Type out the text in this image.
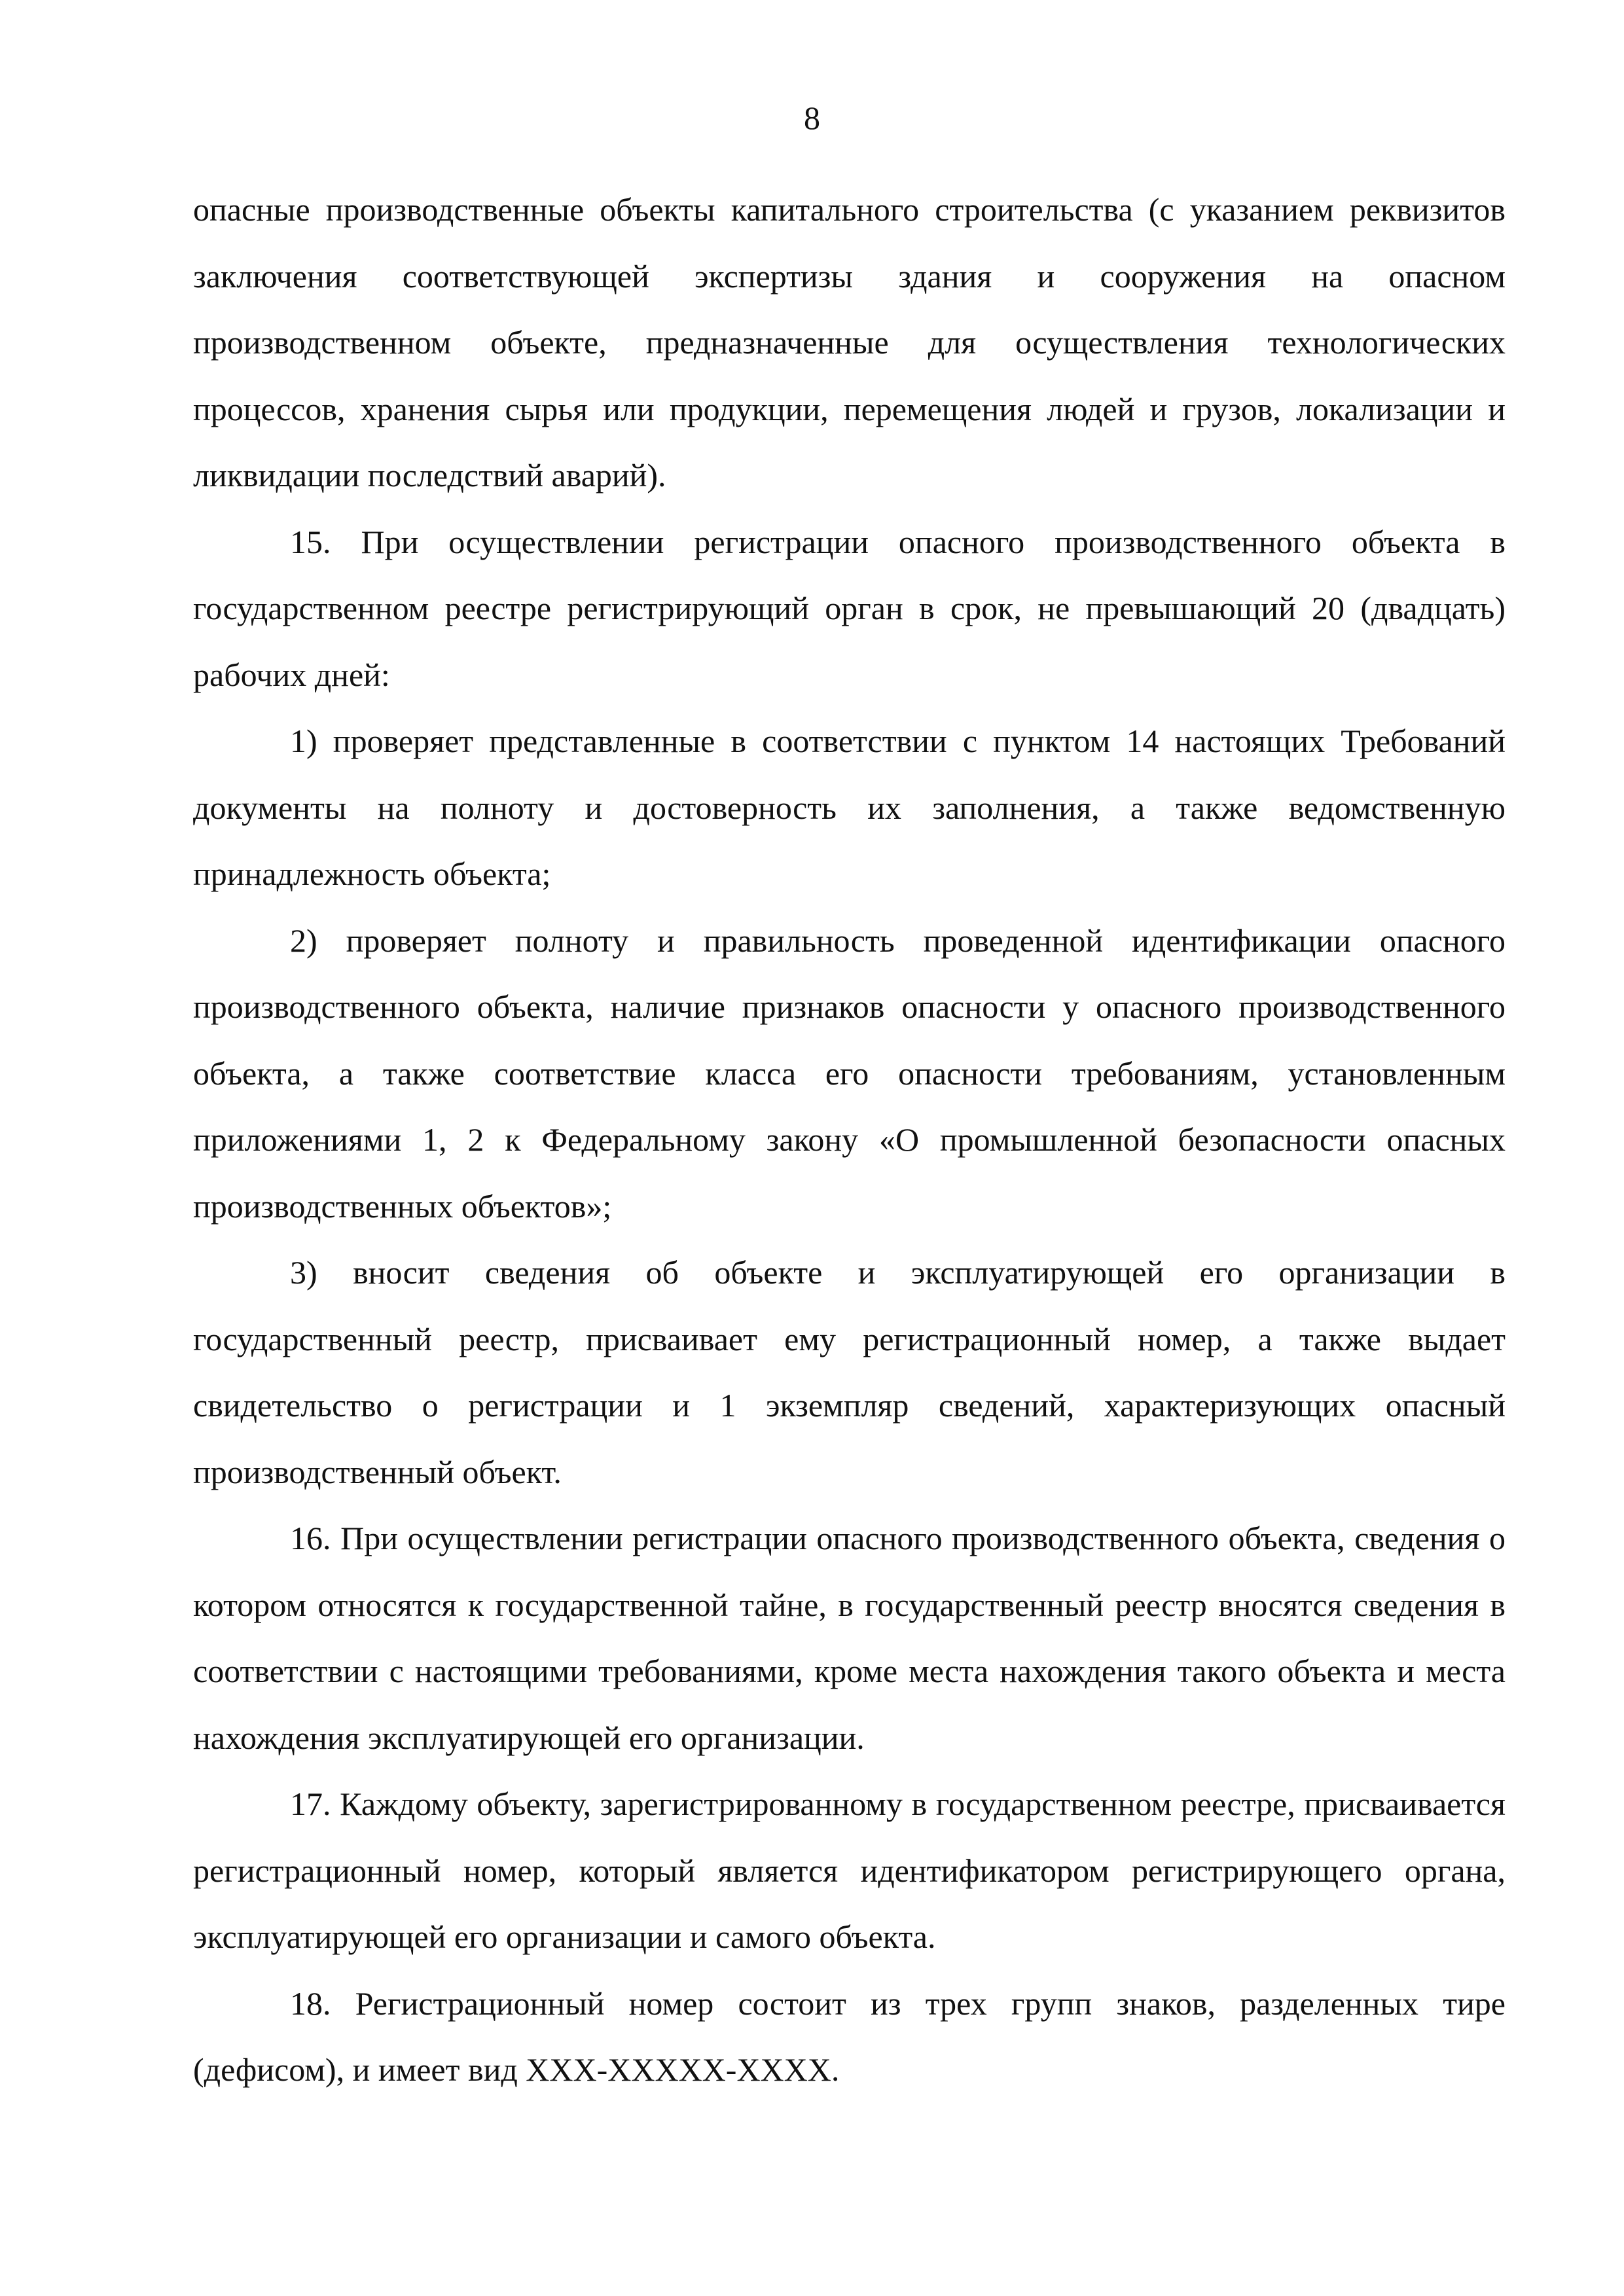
8

опасные производственные объекты капитального строительства (с указанием реквизитов заключения соответствующей экспертизы здания и сооружения на опасном производственном объекте, предназначенные для осуществления технологических процессов, хранения сырья или продукции, перемещения людей и грузов, локализации и ликвидации последствий аварий).

15. При осуществлении регистрации опасного производственного объекта в государственном реестре регистрирующий орган в срок, не превышающий 20 (двадцать) рабочих дней:

1) проверяет представленные в соответствии с пунктом 14 настоящих Требований документы на полноту и достоверность их заполнения, а также ведомственную принадлежность объекта;

2) проверяет полноту и правильность проведенной идентификации опасного производственного объекта, наличие признаков опасности у опасного производственного объекта, а также соответствие класса его опасности требованиям, установленным приложениями 1, 2 к Федеральному закону «О промышленной безопасности опасных производственных объектов»;

3) вносит сведения об объекте и эксплуатирующей его организации в государственный реестр, присваивает ему регистрационный номер, а также выдает свидетельство о регистрации и 1 экземпляр сведений, характеризующих опасный производственный объект.

16. При осуществлении регистрации опасного производственного объекта, сведения о котором относятся к государственной тайне, в государственный реестр вносятся сведения в соответствии с настоящими требованиями, кроме места нахождения такого объекта и места нахождения эксплуатирующей его организации.

17. Каждому объекту, зарегистрированному в государственном реестре, присваивается регистрационный номер, который является идентификатором регистрирующего органа, эксплуатирующей его организации и самого объекта.

18. Регистрационный номер состоит из трех групп знаков, разделенных тире (дефисом), и имеет вид XXX-XXXXX-XXXX.
